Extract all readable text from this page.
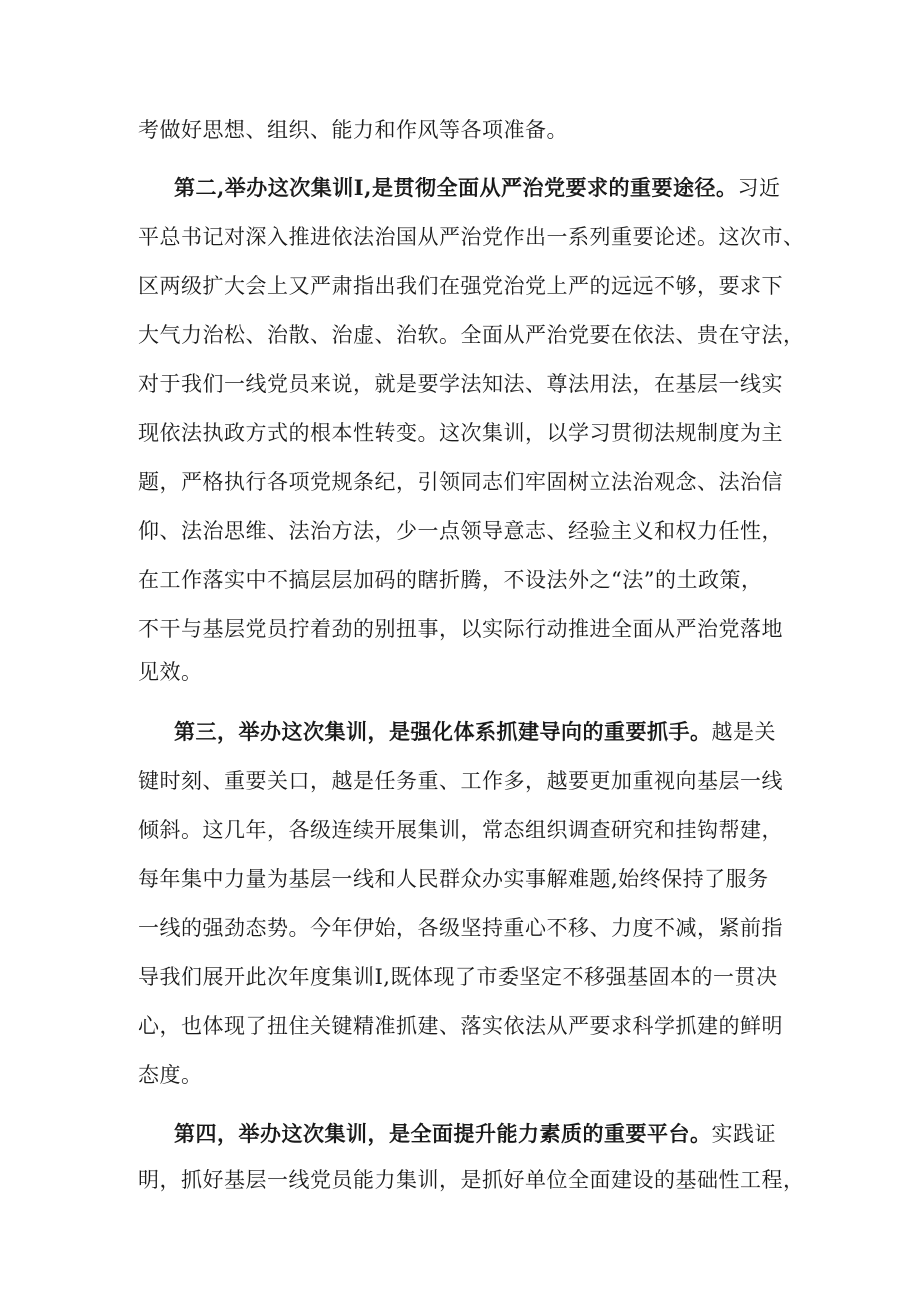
考做好思想、组织、能力和作风等各项准备。
第二,举办这次集训Ⅰ,是贯彻全面从严治党要求的重要途径。习近
平总书记对深入推进依法治国从严治党作出一系列重要论述。这次市、
区两级扩大会上又严肃指出我们在强党治党上严的远远不够，要求下
大气力治松、治散、治虚、治软。全面从严治党要在依法、贵在守法，
对于我们一线党员来说，就是要学法知法、尊法用法，在基层一线实
现依法执政方式的根本性转变。这次集训，以学习贯彻法规制度为主
题，严格执行各项党规条纪，引领同志们牢固树立法治观念、法治信
仰、法治思维、法治方法，少一点领导意志、经验主义和权力任性，
在工作落实中不搞层层加码的瞎折腾，不设法外之“法”的土政策，
不干与基层党员拧着劲的别扭事，以实际行动推进全面从严治党落地
见效。
第三，举办这次集训，是强化体系抓建导向的重要抓手。越是关
键时刻、重要关口，越是任务重、工作多，越要更加重视向基层一线
倾斜。这几年，各级连续开展集训，常态组织调查研究和挂钩帮建，
每年集中力量为基层一线和人民群众办实事解难题,始终保持了服务
一线的强劲态势。今年伊始，各级坚持重心不移、力度不减，紧前指
导我们展开此次年度集训Ⅰ,既体现了市委坚定不移强基固本的一贯决
心，也体现了扭住关键精准抓建、落实依法从严要求科学抓建的鲜明
态度。
第四，举办这次集训，是全面提升能力素质的重要平台。实践证
明，抓好基层一线党员能力集训，是抓好单位全面建设的基础性工程，
